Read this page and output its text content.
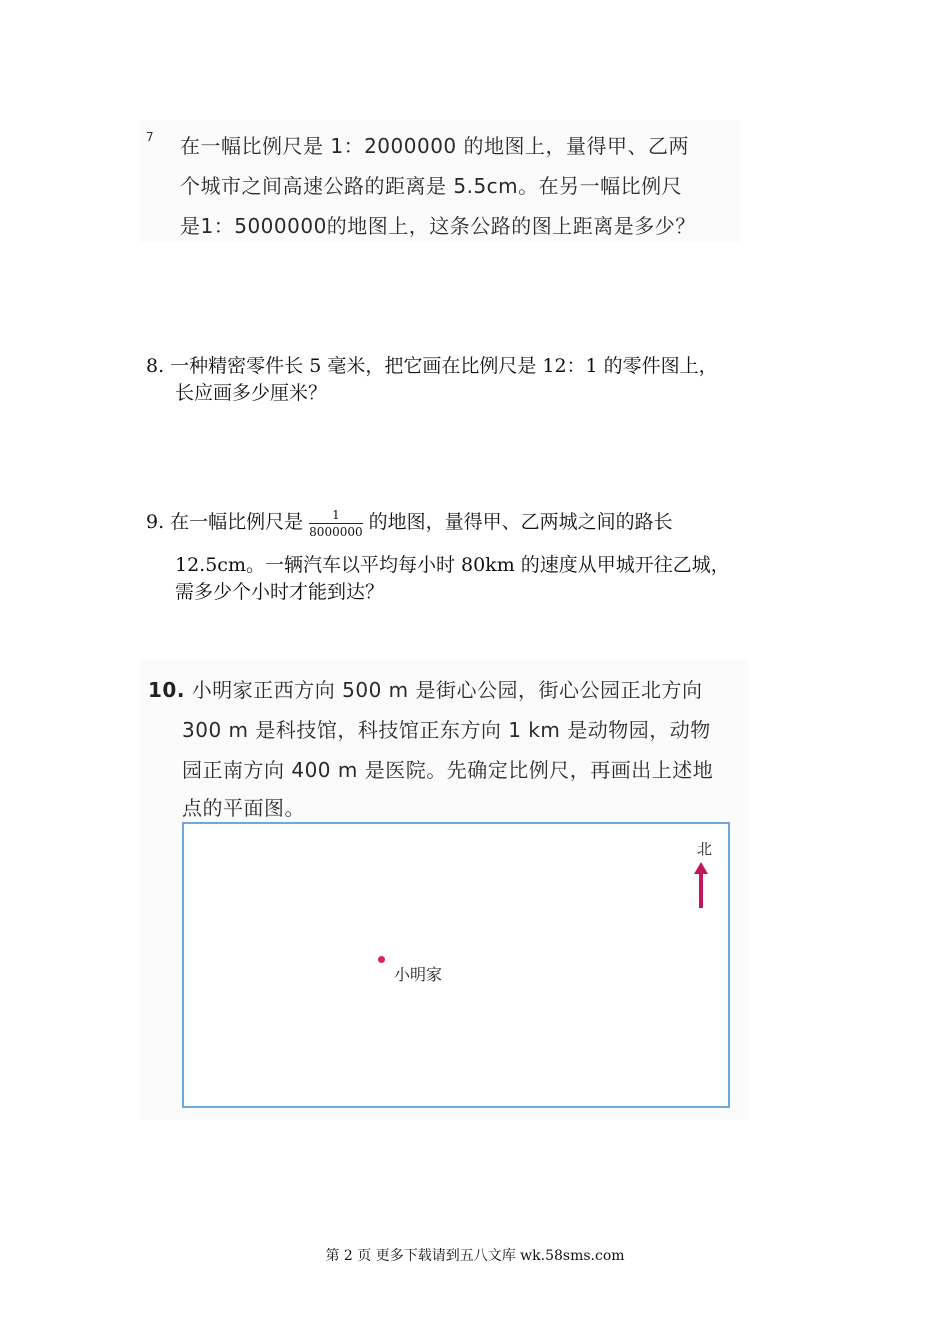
7 在一幅比例尺是 1：2000000 的地图上，量得甲、乙两
个城市之间高速公路的距离是 5.5cm。在另一幅比例尺
是1：5000000的地图上，这条公路的图上距离是多少？
8. 一种精密零件长 5 毫米，把它画在比例尺是 12：1 的零件图上，
长应画多少厘米？
9. 在一幅比例尺是 $\frac{1}{8000000}$ 的地图，量得甲、乙两城之间的路长
12.5cm。一辆汽车以平均每小时 80km 的速度从甲城开往乙城，
需多少个小时才能到达？
10. 小明家正西方向 500 m 是街心公园，街心公园正北方向
300 m 是科技馆，科技馆正东方向 1 km 是动物园，动物
园正南方向 400 m 是医院。先确定比例尺，再画出上述地
点的平面图。
北
小明家
第 2 页 更多下载请到五八文库 wk.58sms.com
